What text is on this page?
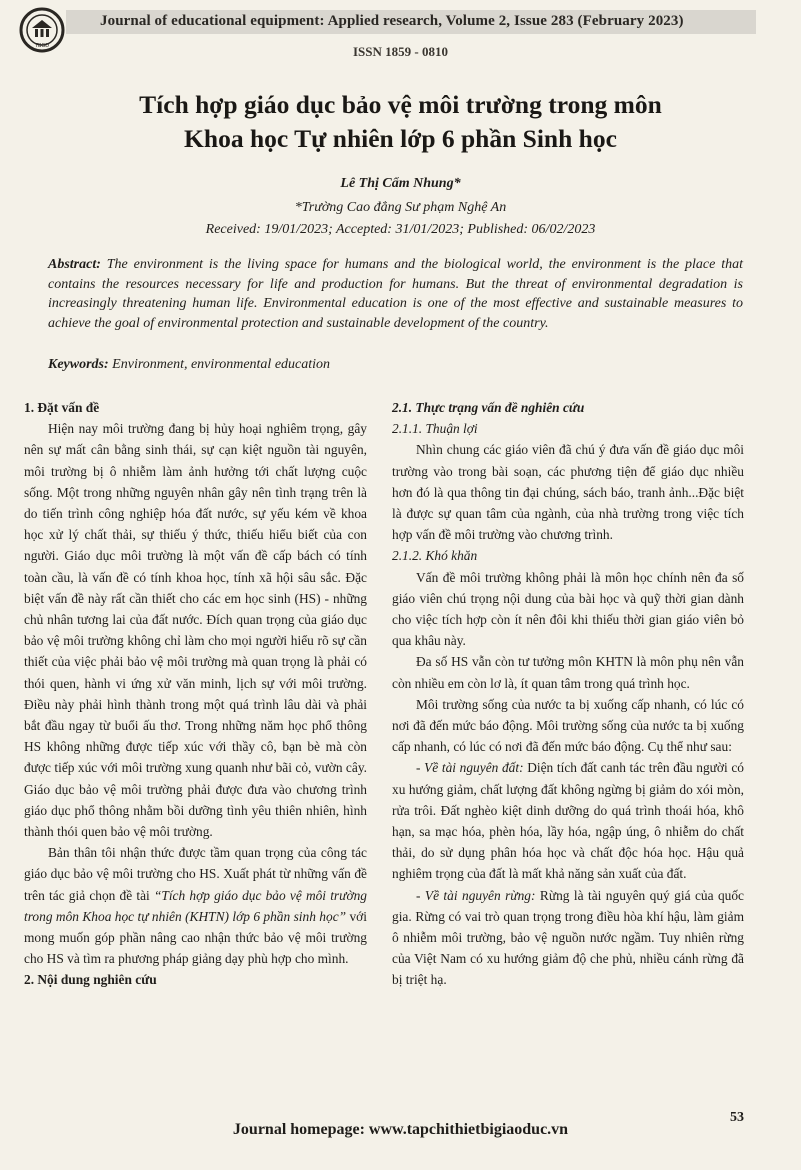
TBGD
Journal of educational equipment: Applied research, Volume 2, Issue 283 (February 2023)
ISSN 1859 - 0810
Tích hợp giáo dục bảo vệ môi trường trong môn
Khoa học Tự nhiên lớp 6 phần Sinh học
Lê Thị Cẩm Nhung*
*Trường Cao đẳng Sư phạm Nghệ An
Received: 19/01/2023; Accepted: 31/01/2023; Published: 06/02/2023
Abstract: The environment is the living space for humans and the biological world, the environment is the place that contains the resources necessary for life and production for humans. But the threat of environmental degradation is increasingly threatening human life. Environmental education is one of the most effective and sustainable measures to achieve the goal of environmental protection and sustainable development of the country.
Keywords: Environment, environmental education

1. Đặt vấn đề

Hiện nay môi trường đang bị hủy hoại nghiêm trọng, gây nên sự mất cân bằng sinh thái, sự cạn kiệt nguồn tài nguyên, môi trường bị ô nhiễm làm ảnh hưởng tới chất lượng cuộc sống. Một trong những nguyên nhân gây nên tình trạng trên là do tiến trình công nghiệp hóa đất nước, sự yếu kém về khoa học xử lý chất thải, sự thiếu ý thức, thiếu hiểu biết của con người. Giáo dục môi trường là một vấn đề cấp bách có tính toàn cầu, là vấn đề có tính khoa học, tính xã hội sâu sắc. Đặc biệt vấn đề này rất cần thiết cho các em học sinh (HS) - những chủ nhân tương lai của đất nước. Đích quan trọng của giáo dục bảo vệ môi trường không chỉ làm cho mọi người hiểu rõ sự cần thiết của việc phải bảo vệ môi trường mà quan trọng là phải có thói quen, hành vi ứng xử văn minh, lịch sự với môi trường. Điều này phải hình thành trong một quá trình lâu dài và phải bắt đầu ngay từ buổi ấu thơ. Trong những năm học phổ thông HS không những được tiếp xúc với thầy cô, bạn bè mà còn được tiếp xúc với môi trường xung quanh như bãi cỏ, vườn cây. Giáo dục bảo vệ môi trường phải được đưa vào chương trình giáo dục phổ thông nhằm bồi dưỡng tình yêu thiên nhiên, hình thành thói quen bảo vệ môi trường.

Bản thân tôi nhận thức được tầm quan trọng của công tác giáo dục bảo vệ môi trường cho HS. Xuất phát từ những vấn đề trên tác giả chọn đề tài “Tích hợp giáo dục bảo vệ môi trường trong môn Khoa học tự nhiên (KHTN) lớp 6 phần sinh học” với mong muốn góp phần nâng cao nhận thức bảo vệ môi trường cho HS và tìm ra phương pháp giảng dạy phù hợp cho mình.

2. Nội dung nghiên cứu

2.1. Thực trạng vấn đề nghiên cứu

2.1.1. Thuận lợi

Nhìn chung các giáo viên đã chú ý đưa vấn đề giáo dục môi trường vào trong bài soạn, các phương tiện để giáo dục nhiều hơn đó là qua thông tin đại chúng, sách báo, tranh ảnh...Đặc biệt là được sự quan tâm của ngành, của nhà trường trong việc tích hợp vấn đề môi trường vào chương trình.

2.1.2. Khó khăn

Vấn đề môi trường không phải là môn học chính nên đa số giáo viên chú trọng nội dung của bài học và quỹ thời gian dành cho việc tích hợp còn ít nên đôi khi thiếu thời gian giáo viên bỏ qua khâu này.

Đa số HS vẫn còn tư tưởng môn KHTN là môn phụ nên vẫn còn nhiều em còn lơ là, ít quan tâm trong quá trình học.

Môi trường sống của nước ta bị xuống cấp nhanh, có lúc có nơi đã đến mức báo động. Môi trường sống của nước ta bị xuống cấp nhanh, có lúc có nơi đã đến mức báo động. Cụ thể như sau:

- Về tài nguyên đất: Diện tích đất canh tác trên đầu người có xu hướng giảm, chất lượng đất không ngừng bị giảm do xói mòn, rửa trôi. Đất nghèo kiệt dinh dưỡng do quá trình thoái hóa, khô hạn, sa mạc hóa, phèn hóa, lầy hóa, ngập úng, ô nhiễm do chất thải, do sử dụng phân hóa học và chất độc hóa học. Hậu quả nghiêm trọng của đất là mất khả năng sản xuất của đất.

- Về tài nguyên rừng: Rừng là tài nguyên quý giá của quốc gia. Rừng có vai trò quan trọng trong điều hòa khí hậu, làm giảm ô nhiễm môi trường, bảo vệ nguồn nước ngầm. Tuy nhiên rừng của Việt Nam có xu hướng giảm độ che phủ, nhiều cánh rừng đã bị triệt hạ.

53
Journal homepage: www.tapchithietbigiaoduc.vn
